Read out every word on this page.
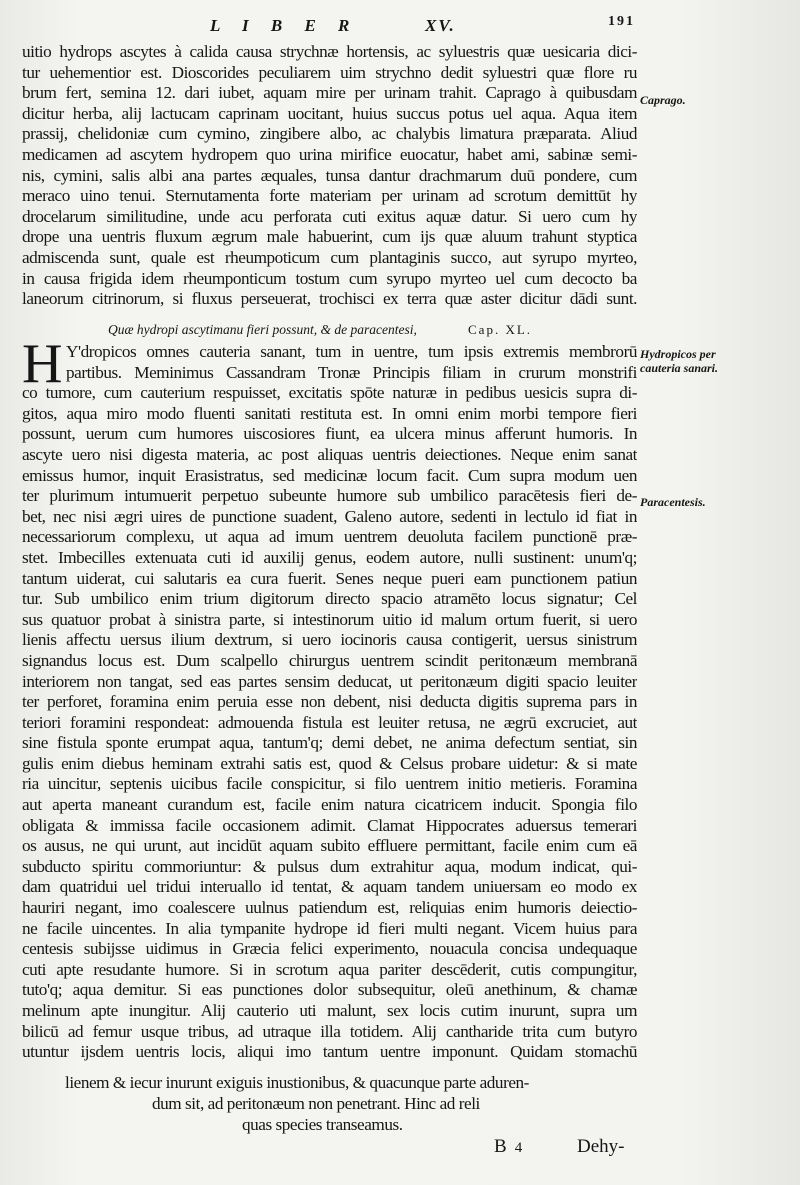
L I B E R	XV.	191
uitio hydrops ascytes à calida causa strychnæ hortensis, ac syluestris quæ uesicaria dici-
tur uehementior est. Dioscorides peculiarem uim strychno dedit syluestri quæ flore ru
brum fert, semina 12. dari iubet, aquam mire per urinam trahit. Caprago à quibusdam
dicitur herba, alij lactucam caprinam uocitant, huius succus potus uel aqua. Aqua item
prassij, chelidoniæ cum cymino, zingibere albo, ac chalybis limatura præparata. Aliud
medicamen ad ascytem hydropem quo urina mirifice euocatur, habet ami, sabinæ semi-
nis, cymini, salis albi ana partes æquales, tunsa dantur drachmarum duū pondere, cum
meraco uino tenui. Sternutamenta forte materiam per urinam ad scrotum demittūt hy
drocelarum similitudine, unde acu perforata cuti exitus aquæ datur. Si uero cum hy
drope una uentris fluxum ægrum male habuerint, cum ijs quæ aluum trahunt styptica
admiscenda sunt, quale est rheumpoticum cum plantaginis succo, aut syrupo myrteo,
in causa frigida idem rheumponticum tostum cum syrupo myrteo uel cum decocto ba
laneorum citrinorum, si fluxus perseuerat, trochisci ex terra quæ aster dicitur dādi sunt.
Quæ hydropi ascytimanu fieri possunt, & de paracentesi,	Cap. XL.
H Y'dropicos omnes cauteria sanant, tum in uentre, tum ipsis extremis membrorū
partibus. Meminimus Cassandram Tronæ Principis filiam in crurum monstrifi
co tumore, cum cauterium respuisset, excitatis spōte naturæ in pedibus uesicis supra di-
gitos, aqua miro modo fluenti sanitati restituta est. In omni enim morbi tempore fieri
possunt, uerum cum humores uiscosiores fiunt, ea ulcera minus afferunt humoris. In
ascyte uero nisi digesta materia, ac post aliquas uentris deiectiones. Neque enim sanat
emissus humor, inquit Erasistratus, sed medicinæ locum facit. Cum supra modum uen
ter plurimum intumuerit perpetuo subeunte humore sub umbilico paracētesis fieri de-
bet, nec nisi ægri uires de punctione suadent, Galeno autore, sedenti in lectulo id fiat in
necessariorum complexu, ut aqua ad imum uentrem deuoluta facilem punctionē præ-
stet. Imbecilles extenuata cuti id auxilij genus, eodem autore, nulli sustinent: unum'q;
tantum uiderat, cui salutaris ea cura fuerit. Senes neque pueri eam punctionem patiun
tur. Sub umbilico enim trium digitorum directo spacio atramēto locus signatur; Cel
sus quatuor probat à sinistra parte, si intestinorum uitio id malum ortum fuerit, si uero
lienis affectu uersus ilium dextrum, si uero iocinoris causa contigerit, uersus sinistrum
signandus locus est. Dum scalpello chirurgus uentrem scindit peritonæum membranā
interiorem non tangat, sed eas partes sensim deducat, ut peritonæum digiti spacio leuiter
ter perforet, foramina enim peruia esse non debent, nisi deducta digitis suprema pars in
teriori foramini respondeat: admouenda fistula est leuiter retusa, ne ægrū excruciet, aut
sine fistula sponte erumpat aqua, tantum'q; demi debet, ne anima defectum sentiat, sin
gulis enim diebus heminam extrahi satis est, quod & Celsus probare uidetur: & si mate
ria uincitur, septenis uicibus facile conspicitur, si filo uentrem initio metieris. Foramina
aut aperta maneant curandum est, facile enim natura cicatricem inducit. Spongia filo
obligata & immissa facile occasionem adimit. Clamat Hippocrates aduersus temerari
os ausus, ne qui urunt, aut incidūt aquam subito effluere permittant, facile enim cum eā
subducto spiritu commoriuntur: & pulsus dum extrahitur aqua, modum indicat, qui-
dam quatridui uel tridui interuallo id tentat, & aquam tandem uniuersam eo modo ex
hauriri negant, imo coalescere uulnus patiendum est, reliquias enim humoris deiectio-
ne facile uincentes. In alia tympanite hydrope id fieri multi negant. Vicem huius para
centesis subijsse uidimus in Græcia felici experimento, nouacula concisa undequaque
cuti apte resudante humore. Si in scrotum aqua pariter descēderit, cutis compungitur,
tuto'q; aqua demitur. Si eas punctiones dolor subsequitur, oleū anethinum, & chamæ
melinum apte inungitur. Alij cauterio uti malunt, sex locis cutim inurunt, supra um
bilicū ad femur usque tribus, ad utraque illa totidem. Alij cantharide trita cum butyro
utuntur ijsdem uentris locis, aliqui imo tantum uentre imponunt. Quidam stomachū
lienem & iecur inurunt exiguis inustionibus, & quacunque parte aduren-
dum sit, ad peritonæum non penetrant. Hinc ad reli
quas species transeamus.
Caprago.
Hydropicos per
cauteria sanari.
Paracentesis.
B 4	Dehy-
